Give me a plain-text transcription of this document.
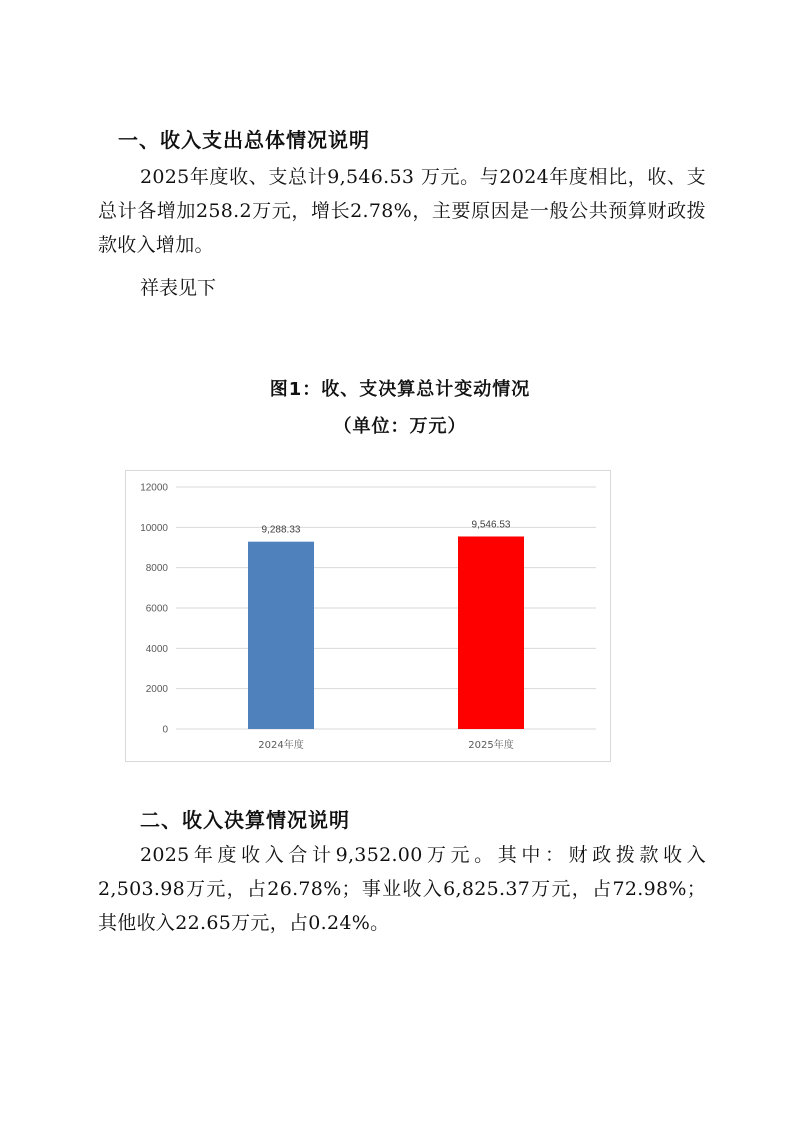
一、收入支出总体情况说明

2025年度收、支总计9,546.53 万元。与2024年度相比，收、支总计各增加258.2万元，增长2.78%，主要原因是一般公共预算财政拨款收入增加。

祥表见下

图1：收、支决算总计变动情况

（单位：万元）

0
2000
4000
6000
8000
10000
12000
9,288.33
2024年度
9,546.53
2025年度
二、收入决算情况说明

2025年度收入合计9,352.00万元。其中：财政拨款收入2,503.98万元，占26.78%；事业收入6,825.37万元，占72.98%；其他收入22.65万元，占0.24%。
